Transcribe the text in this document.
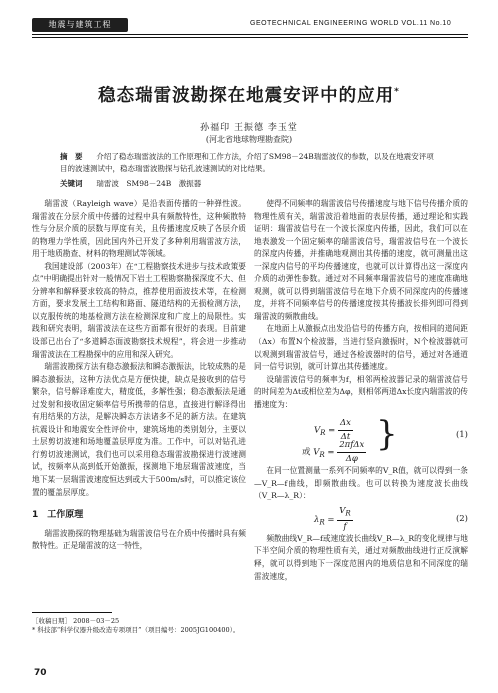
地震与建筑工程	GEOTECHNICAL ENGINEERING WORLD VOL.11 No.10
稳态瑞雷波勘探在地震安评中的应用*
孙福印 王振德 李玉堂
(河北省地球物理勘查院)
摘　要 介绍了稳态瑞雷波法的工作原理和工作方法，介绍了SM98－24B瑞雷波仪的参数，以及在地震安评项目的波速测试中，稳态瑞雷波勘探与钻孔波速测试的对比结果。
关键词 瑞雷波　SM98－24B　激振器

瑞雷波（Rayleigh wave）是沿表面传播的一种弹性波。瑞雷波在分层介质中传播的过程中具有频散特性，这种频散特性与分层介质的层数与厚度有关，且传播速度反映了各层介质的物理力学性质，因此国内外已开发了多种利用瑞雷波方法，用于地质勘查、材料的物理测试等领域。

我国建设部（2003年）在“工程勘察技术进步与技术政策要点”中明确提出针对一般情况下岩土工程勘察勘探深度不大、但分辨率和解释要求较高的特点，推荐使用面波技术等，在检测方面，要求发展土工结构和路面、隧道结构的无损检测方法，以克服传统的地基检测方法在检测深度和广度上的局限性。实践和研究表明，瑞雷波法在这些方面都有很好的表现。目前建设部已出台了“多道瞬态面波勘察技术规程”，将会进一步推动瑞雷波法在工程勘探中的应用和深入研究。

瑞雷波勘探方法有稳态激振法和瞬态激振法，比较成熟的是瞬态激振法，这种方法优点是方便快捷，缺点是接收到的信号繁杂，信号解译难度大，精度低，多解性强；稳态激振法是通过发射和接收固定频率信号所携带的信息，直接进行解译得出有用结果的方法，是解决瞬态方法诸多不足的新方法。在建筑抗震设计和地震安全性评价中，建筑场地的类别划分，主要以土层剪切波速和场地覆盖层厚度为准。工作中，可以对钻孔进行剪切波速测试，我们也可以采用稳态瑞雷波勘探进行波速测试，按频率从高到低开始激振，探测地下地层瑞雷波速度，当地下某一层瑞雷波速度恒达到或大于500m/s时，可以推定该位置的覆盖层厚度。

1　工作原理

瑞雷波勘探的物理基础为瑞雷波信号在介质中传播时具有频散特性。正是瑞雷波的这一特性，

使得不同频率的瑞雷波信号传播速度与地下信号传播介质的物理性质有关，瑞雷波沿着地面的表层传播，通过理论和实践证明：瑞雷波信号在一个波长深度内传播，因此，我们可以在地表激发一个固定频率的瑞雷波信号，瑞雷波信号在一个波长的深度内传播，并推确地观测出其传播的速度，就可测量出这一深度内信号的平均传播速度，也就可以计算得出这一深度内介质的动弹性参数。通过对不同频率瑞雷波信号的速度准确地观测，就可以得到瑞雷波信号在地下介质不同深度内的传播速度，并将不同频率信号的传播速度按其传播波长排列即可得到瑞雷波的频散曲线。

在地面上从激振点出发沿信号的传播方向，按相同的道间距（Δx）布置N个检波器，当进行竖向激振时，N个检波器就可以观测到瑞雷波信号，通过各检波器时的信号，通过对各通道同一信号识别，就可计算出其传播速度。

设瑞雷波信号的频率为f，相邻两检波器记录的瑞雷波信号的时间差为Δt或相位差为Δφ，则相邻两道Δx长度内瑞雷波的传播速度为：

$V_R = \frac{\Delta x}{\Delta t}$
或 $V_R = \frac{\text{2πfΔx}}{\Delta\varphi}$ }	(1)

在同一位置测量一系列不同频率的V_R值，就可以得到一条—V_R—f曲线，即频散曲线。也可以转换为速度波长曲线（V_R—λ_R）：

$\lambda_R = \frac{V_R}{f}$	(2)

频散曲线V_R—f或速度波长曲线V_R—λ_R的变化规律与地下半空间介质的物理性质有关，通过对频散曲线进行正反演解释，就可以得到地下一深度范围内的地质信息和不同深度的瑞雷波速度，

［收稿日期］ 2008－03－25
* 科技部“科学仪器升级改造专项项目”（项目编号：2005JG100400）。
70
